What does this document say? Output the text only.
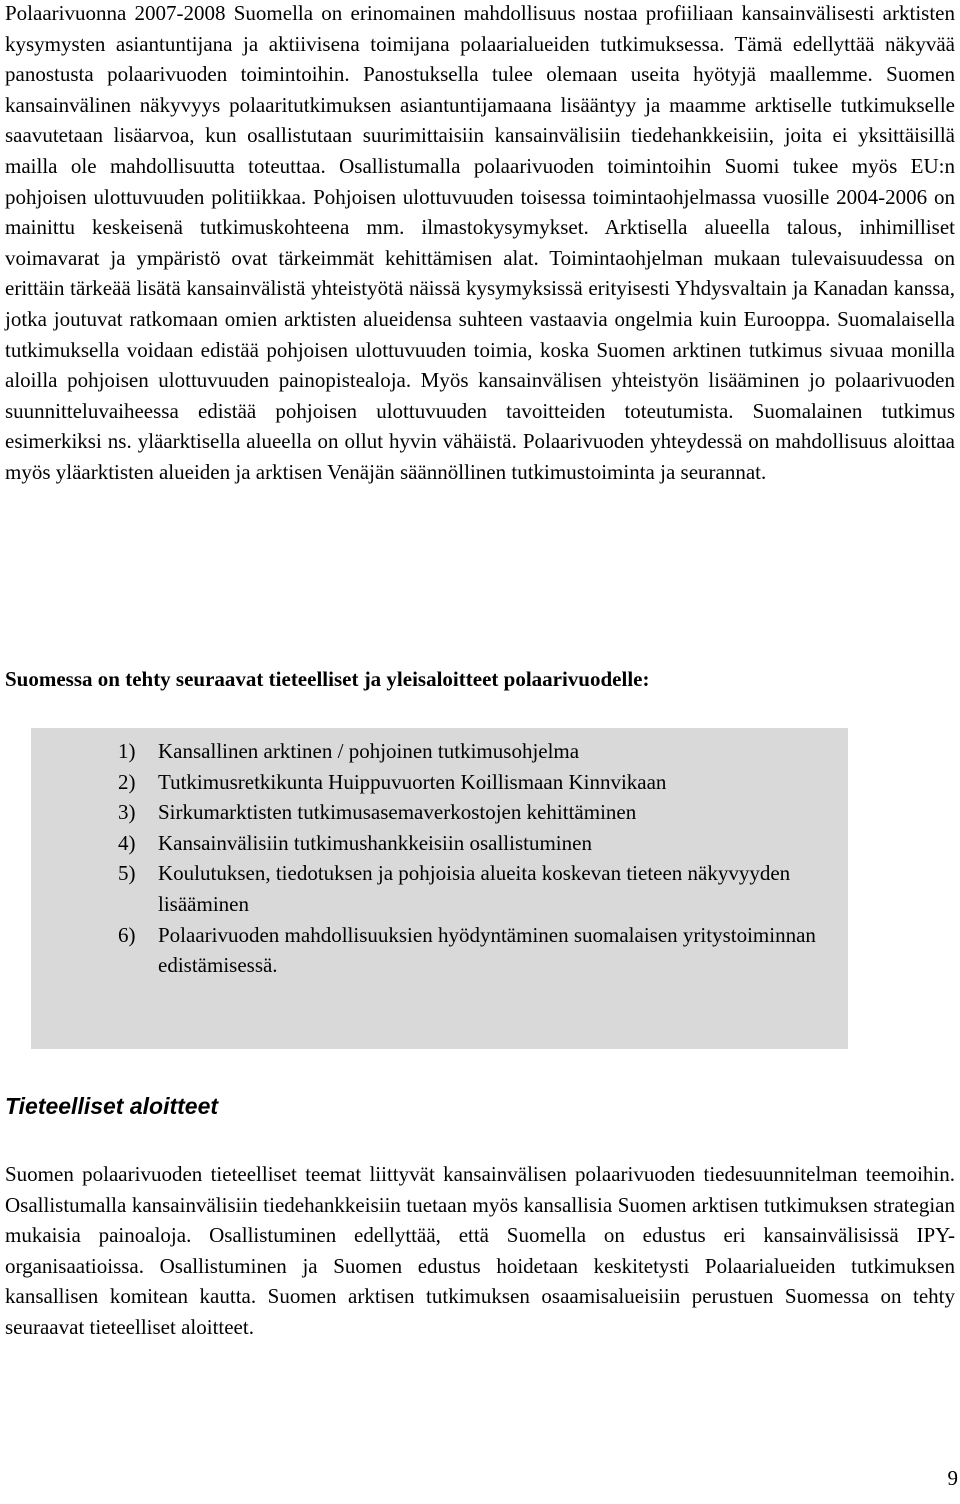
Polaarivuonna 2007-2008 Suomella on erinomainen mahdollisuus nostaa profiiliaan kansainvälisesti arktisten kysymysten asiantuntijana ja aktiivisena toimijana polaarialueiden tutkimuksessa. Tämä edellyttää näkyvää panostusta polaarivuoden toimintoihin. Panostuksella tulee olemaan useita hyötyjä maallemme. Suomen kansainvälinen näkyvyys polaaritutkimuksen asiantuntijamaana lisääntyy ja maamme arktiselle tutkimukselle saavutetaan lisäarvoa, kun osallistutaan suurimittaisiin kansainvälisiin tiedehankkeisiin, joita ei yksittäisillä mailla ole mahdollisuutta toteuttaa. Osallistumalla polaarivuoden toimintoihin Suomi tukee myös EU:n pohjoisen ulottuvuuden politiikkaa. Pohjoisen ulottuvuuden toisessa toimintaohjelmassa vuosille 2004-2006 on mainittu keskeisenä tutkimuskohteena mm. ilmastokysymykset. Arktisella alueella talous, inhimilliset voimavarat ja ympäristö ovat tärkeimmät kehittämisen alat. Toimintaohjelman mukaan tulevaisuudessa on erittäin tärkeää lisätä kansainvälistä yhteistyötä näissä kysymyksissä erityisesti Yhdysvaltain ja Kanadan kanssa, jotka joutuvat ratkomaan omien arktisten alueidensa suhteen vastaavia ongelmia kuin Eurooppa. Suomalaisella tutkimuksella voidaan edistää pohjoisen ulottuvuuden toimia, koska Suomen arktinen tutkimus sivuaa monilla aloilla pohjoisen ulottuvuuden painopistealoja. Myös kansainvälisen yhteistyön lisääminen jo polaarivuoden suunnitteluvaiheessa edistää pohjoisen ulottuvuuden tavoitteiden toteutumista. Suomalainen tutkimus esimerkiksi ns. yläarktisella alueella on ollut hyvin vähäistä. Polaarivuoden yhteydessä on mahdollisuus aloittaa myös yläarktisten alueiden ja arktisen Venäjän säännöllinen tutkimustoiminta ja seurannat.

Suomessa on tehty seuraavat tieteelliset ja yleisaloitteet polaarivuodelle:

1)	Kansallinen arktinen / pohjoinen tutkimusohjelma
2)	Tutkimusretkikunta Huippuvuorten Koillismaan Kinnvikaan
3)	Sirkumarktisten tutkimusasemaverkostojen kehittäminen
4)	Kansainvälisiin tutkimushankkeisiin osallistuminen
5)	Koulutuksen, tiedotuksen ja pohjoisia alueita koskevan tieteen näkyvyyden lisääminen
6)	Polaarivuoden mahdollisuuksien hyödyntäminen suomalaisen yritystoiminnan edistämisessä.

Tieteelliset aloitteet

Suomen polaarivuoden tieteelliset teemat liittyvät kansainvälisen polaarivuoden tiedesuunnitelman teemoihin. Osallistumalla kansainvälisiin tiedehankkeisiin tuetaan myös kansallisia Suomen arktisen tutkimuksen strategian mukaisia painoaloja. Osallistuminen edellyttää, että Suomella on edustus eri kansainvälisissä IPY-organisaatioissa. Osallistuminen ja Suomen edustus hoidetaan keskitetysti Polaarialueiden tutkimuksen kansallisen komitean kautta. Suomen arktisen tutkimuksen osaamisalueisiin perustuen Suomessa on tehty seuraavat tieteelliset aloitteet.

9
